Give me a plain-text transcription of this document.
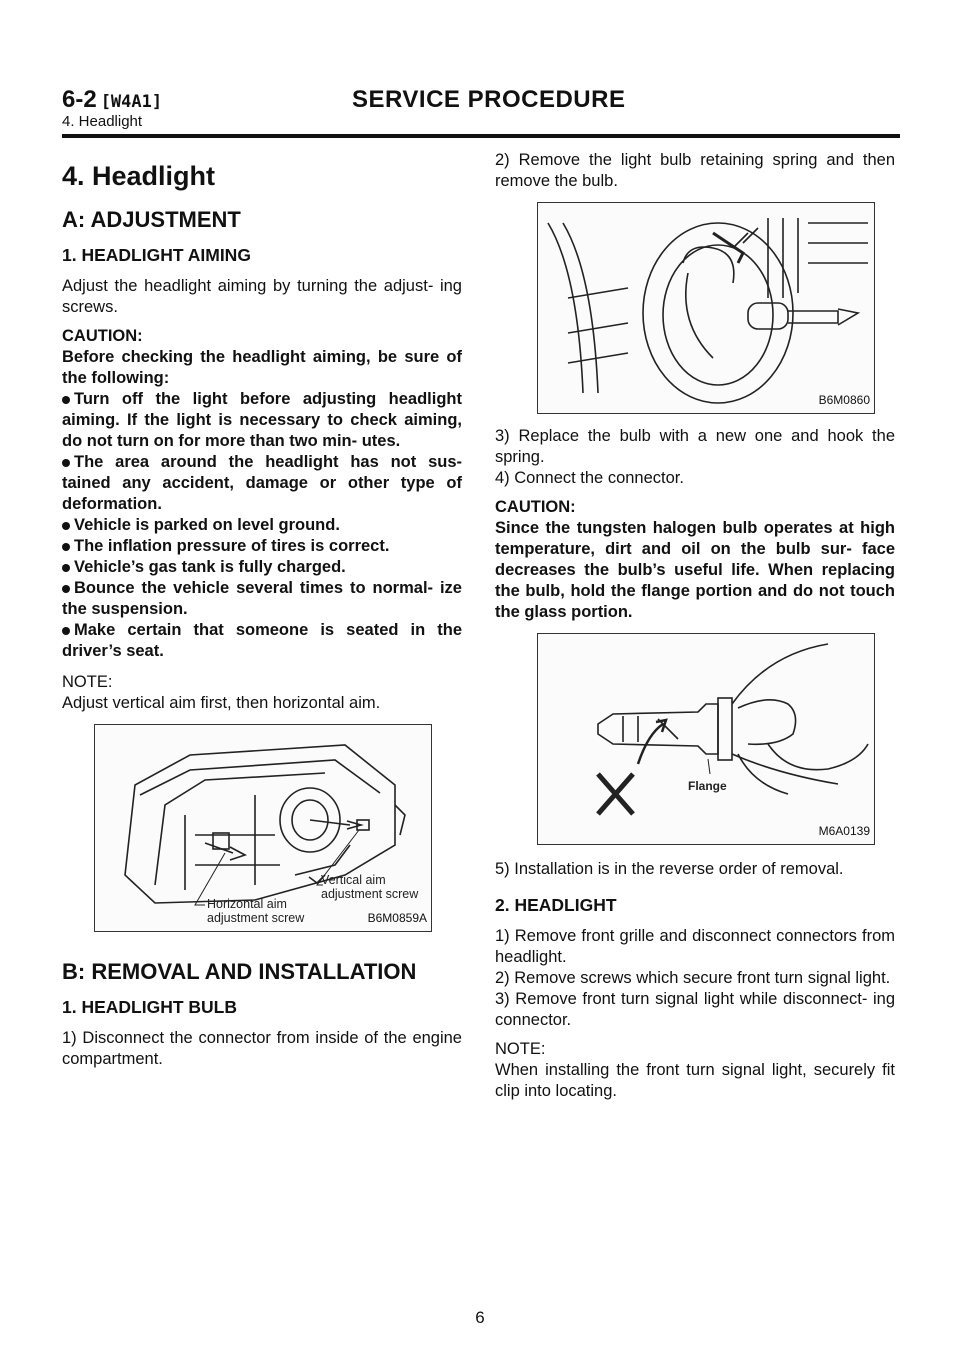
6-2 [W4A1]	SERVICE PROCEDURE
4. Headlight
4. Headlight
A: ADJUSTMENT
1. HEADLIGHT AIMING

Adjust the headlight aiming by turning the adjust- ing screws.

CAUTION:

Before checking the headlight aiming, be sure of the following:

Turn off the light before adjusting headlight aiming. If the light is necessary to check aiming, do not turn on for more than two min- utes.

The area around the headlight has not sus- tained any accident, damage or other type of deformation.

Vehicle is parked on level ground.

The inflation pressure of tires is correct.

Vehicle’s gas tank is fully charged.

Bounce the vehicle several times to normal- ize the suspension.

Make certain that someone is seated in the driver’s seat.

NOTE:

Adjust vertical aim first, then horizontal aim.

Vertical aim
adjustment screw
Horizontal aim
adjustment screw	B6M0859A
B: REMOVAL AND INSTALLATION
1. HEADLIGHT BULB

1) Disconnect the connector from inside of the engine compartment.

2) Remove the light bulb retaining spring and then remove the bulb.

B6M0860

3) Replace the bulb with a new one and hook the spring.

4) Connect the connector.

CAUTION:

Since the tungsten halogen bulb operates at high temperature, dirt and oil on the bulb sur- face decreases the bulb’s useful life. When replacing the bulb, hold the flange portion and do not touch the glass portion.

Flange
M6A0139

5) Installation is in the reverse order of removal.

2. HEADLIGHT

1) Remove front grille and disconnect connectors from headlight.

2) Remove screws which secure front turn signal light.

3) Remove front turn signal light while disconnect- ing connector.

NOTE:

When installing the front turn signal light, securely fit clip into locating.

6
